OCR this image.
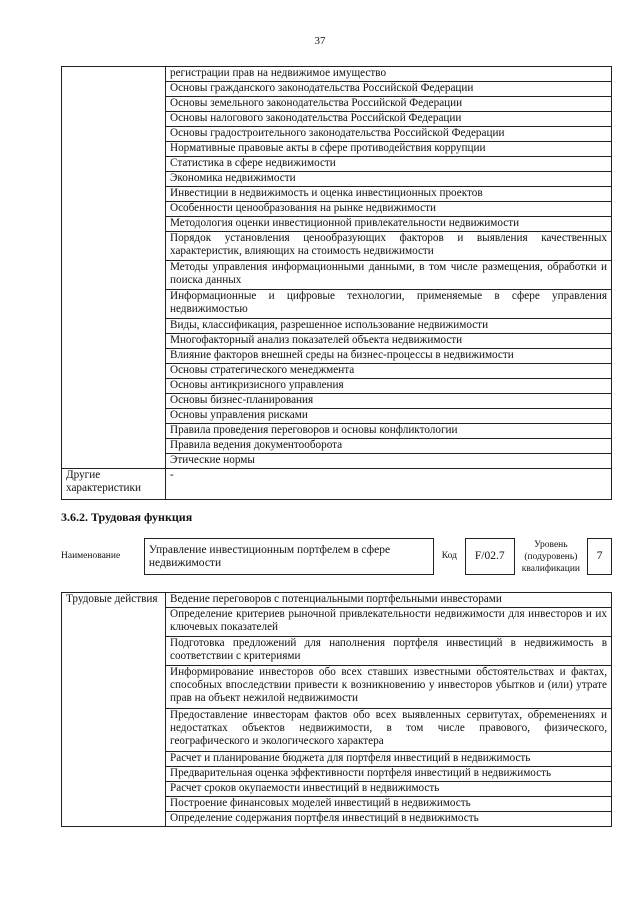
37
	регистрации прав на недвижимое имущество
	Основы гражданского законодательства Российской Федерации
	Основы земельного законодательства Российской Федерации
	Основы налогового законодательства Российской Федерации
	Основы градостроительного законодательства Российской Федерации
	Нормативные правовые акты в сфере противодействия коррупции
	Статистика в сфере недвижимости
	Экономика недвижимости
	Инвестиции в недвижимость и оценка инвестиционных проектов
	Особенности ценообразования на рынке недвижимости
	Методология оценки инвестиционной привлекательности недвижимости
	Порядок установления ценообразующих факторов и выявления качественных характеристик, влияющих на стоимость недвижимости
	Методы управления информационными данными, в том числе размещения, обработки и поиска данных
	Информационные и цифровые технологии, применяемые в сфере управления недвижимостью
	Виды, классификация, разрешенное использование недвижимости
	Многофакторный анализ показателей объекта недвижимости
	Влияние факторов внешней среды на бизнес-процессы в недвижимости
	Основы стратегического менеджмента
	Основы антикризисного управления
	Основы бизнес-планирования
	Основы управления рисками
	Правила проведения переговоров и основы конфликтологии
	Правила ведения документооборота
	Этические нормы
Другие характеристики	-
3.6.2. Трудовая функция
Наименование	Управление инвестиционным портфелем в сфере недвижимости	Код	F/02.7	Уровень (подуровень) квалификации	7
Трудовые действия	Ведение переговоров с потенциальными портфельными инвесторами
Определение критериев рыночной привлекательности недвижимости для инвесторов и их ключевых показателей
Подготовка предложений для наполнения портфеля инвестиций в недвижимость в соответствии с критериями
Информирование инвесторов обо всех ставших известными обстоятельствах и фактах, способных впоследствии привести к возникновению у инвесторов убытков и (или) утрате прав на объект нежилой недвижимости
Предоставление инвесторам фактов обо всех выявленных сервитутах, обременениях и недостатках объектов недвижимости, в том числе правового, физического, географического и экологического характера
Расчет и планирование бюджета для портфеля инвестиций в недвижимость
Предварительная оценка эффективности портфеля инвестиций в недвижимость
Расчет сроков окупаемости инвестиций в недвижимость
Построение финансовых моделей инвестиций в недвижимость
Определение содержания портфеля инвестиций в недвижимость
